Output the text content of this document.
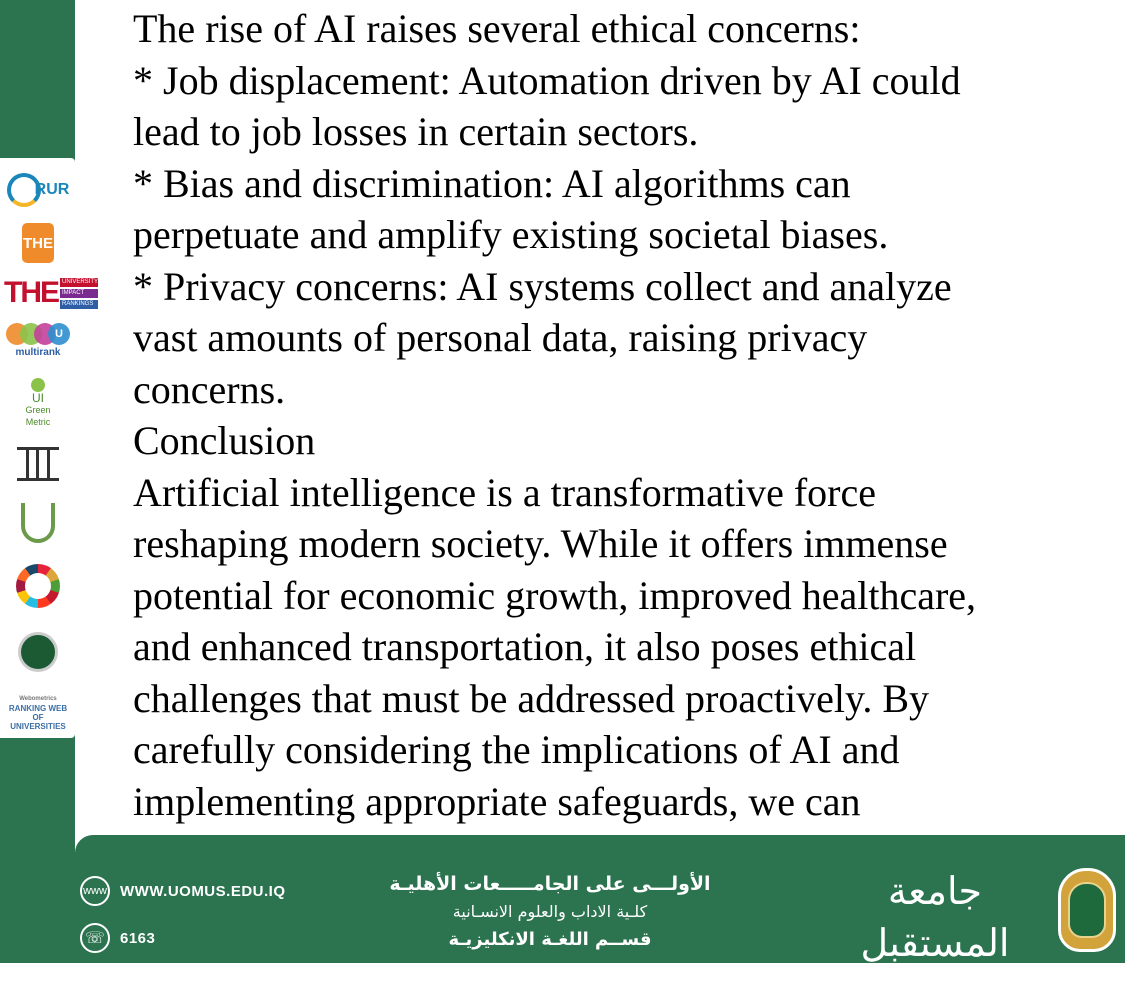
RUR
THE
THE UNIVERSITY
IMPACT
RANKINGS
U
multirank
UI
Green
Metric
Webometrics
RANKING WEB
OF UNIVERSITIES

The rise of AI raises several ethical concerns:

* Job displacement: Automation driven by AI could lead to job losses in certain sectors.

* Bias and discrimination: AI algorithms can perpetuate and amplify existing societal biases.

* Privacy concerns: AI systems collect and analyze vast amounts of personal data, raising privacy concerns.

Conclusion

Artificial intelligence is a transformative force reshaping modern society. While it offers immense potential for economic growth, improved healthcare, and enhanced transportation, it also poses ethical challenges that must be addressed proactively. By carefully considering the implications of AI and implementing appropriate safeguards, we can

www WWW.UOMUS.EDU.IQ
☏	6163
الأولـــى على الجامـــــعات الأهليـة
كلـية الاداب والعلوم الانسـانية
قســم اللغـة الانكليزيـة
جامعة المستقبل
AL-MUSTAQBAL UNIVERSITY
